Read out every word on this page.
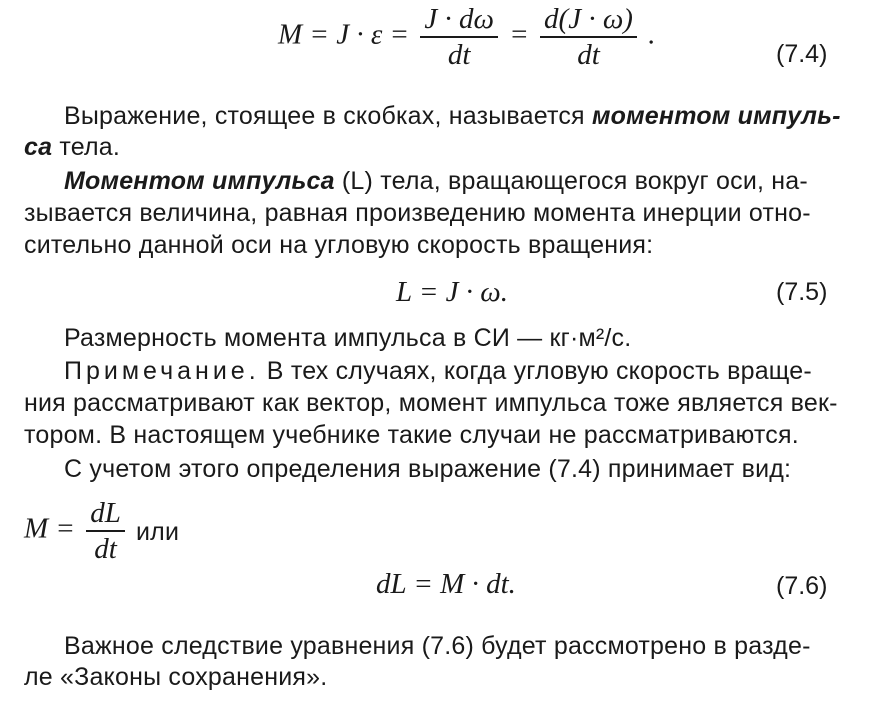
$M = J \cdot \varepsilon = \frac{J \cdot d\omega}{dt} = \frac{d(J \cdot \omega)}{dt}$ .
(7.4)
Выражение, стоящее в скобках, называется моментом импуль-
са тела.
Моментом импульса (L) тела, вращающегося вокруг оси, на-
зывается величина, равная произведению момента инерции отно-
сительно данной оси на угловую скорость вращения:
L = J · ω.	(7.5)
Размерность момента импульса в СИ — кг·м²/с.
Примечание. В тех случаях, когда угловую скорость враще-
ния рассматривают как вектор, момент импульса тоже является век-
тором. В настоящем учебнике такие случаи не рассматриваются.
С учетом этого определения выражение (7.4) принимает вид:
$M = \frac{dL}{dt}$ или
dL = M · dt.	(7.6)
Важное следствие уравнения (7.6) будет рассмотрено в разде-
ле «Законы сохранения».
